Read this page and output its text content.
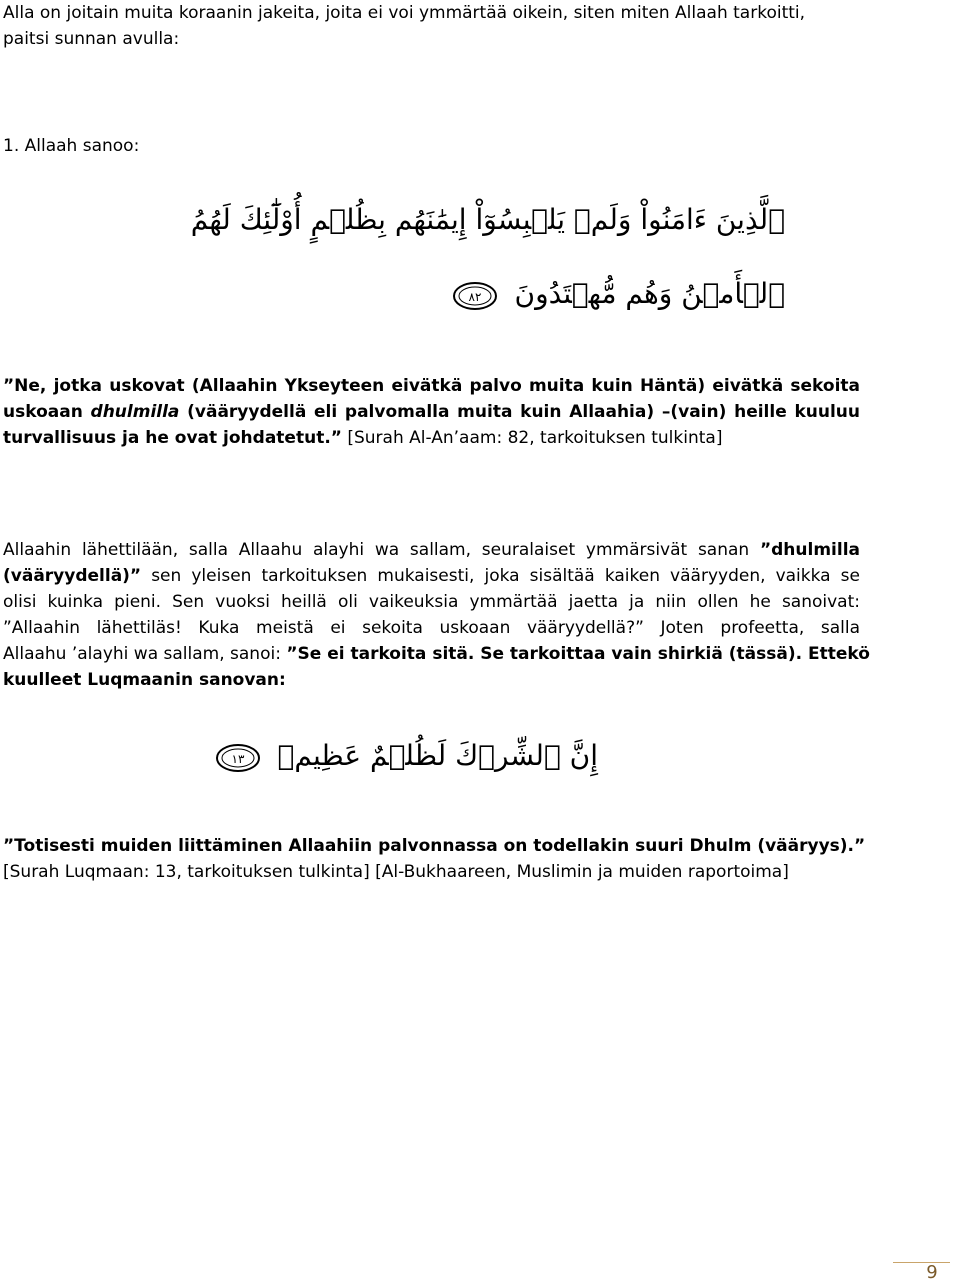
Alla on joitain muita koraanin jakeita, joita ei voi ymmärtää oikein, siten miten Allaah tarkoitti,
paitsi sunnan avulla:
1. Allaah sanoo:
ٱلَّذِينَ ءَامَنُواْ وَلَمۡ يَلۡبِسُوٓاْ إِيمَٰنَهُم بِظُلۡمٍ أُوْلَٰٓئِكَ لَهُمُ
ٱلۡأَمۡنُ وَهُم مُّهۡتَدُونَ
٨٢
”Ne, jotka uskovat (Allaahin Ykseyteen eivätkä palvo muita kuin Häntä) eivätkä sekoita
uskoaan dhulmilla (vääryydellä eli palvomalla muita kuin Allaahia) –(vain) heille kuuluu
turvallisuus ja he ovat johdatetut.” [Surah Al-An’aam: 82, tarkoituksen tulkinta]
Allaahin lähettilään, salla Allaahu alayhi wa sallam, seuralaiset ymmärsivät sanan ”dhulmilla
(vääryydellä)” sen yleisen tarkoituksen mukaisesti, joka sisältää kaiken vääryyden, vaikka se
olisi kuinka pieni. Sen vuoksi heillä oli vaikeuksia ymmärtää jaetta ja niin ollen he sanoivat:
”Allaahin lähettiläs! Kuka meistä ei sekoita uskoaan vääryydellä?” Joten profeetta, salla
Allaahu ’alayhi wa sallam, sanoi: ”Se ei tarkoita sitä. Se tarkoittaa vain shirkiä (tässä). Ettekö
kuulleet Luqmaanin sanovan:
إِنَّ ٱلشِّرۡكَ لَظُلۡمٌ عَظِيمٞ
١٣
”Totisesti muiden liittäminen Allaahiin palvonnassa on todellakin suuri Dhulm (vääryys).”
[Surah Luqmaan: 13, tarkoituksen tulkinta] [Al-Bukhaareen, Muslimin ja muiden raportoima]
9
